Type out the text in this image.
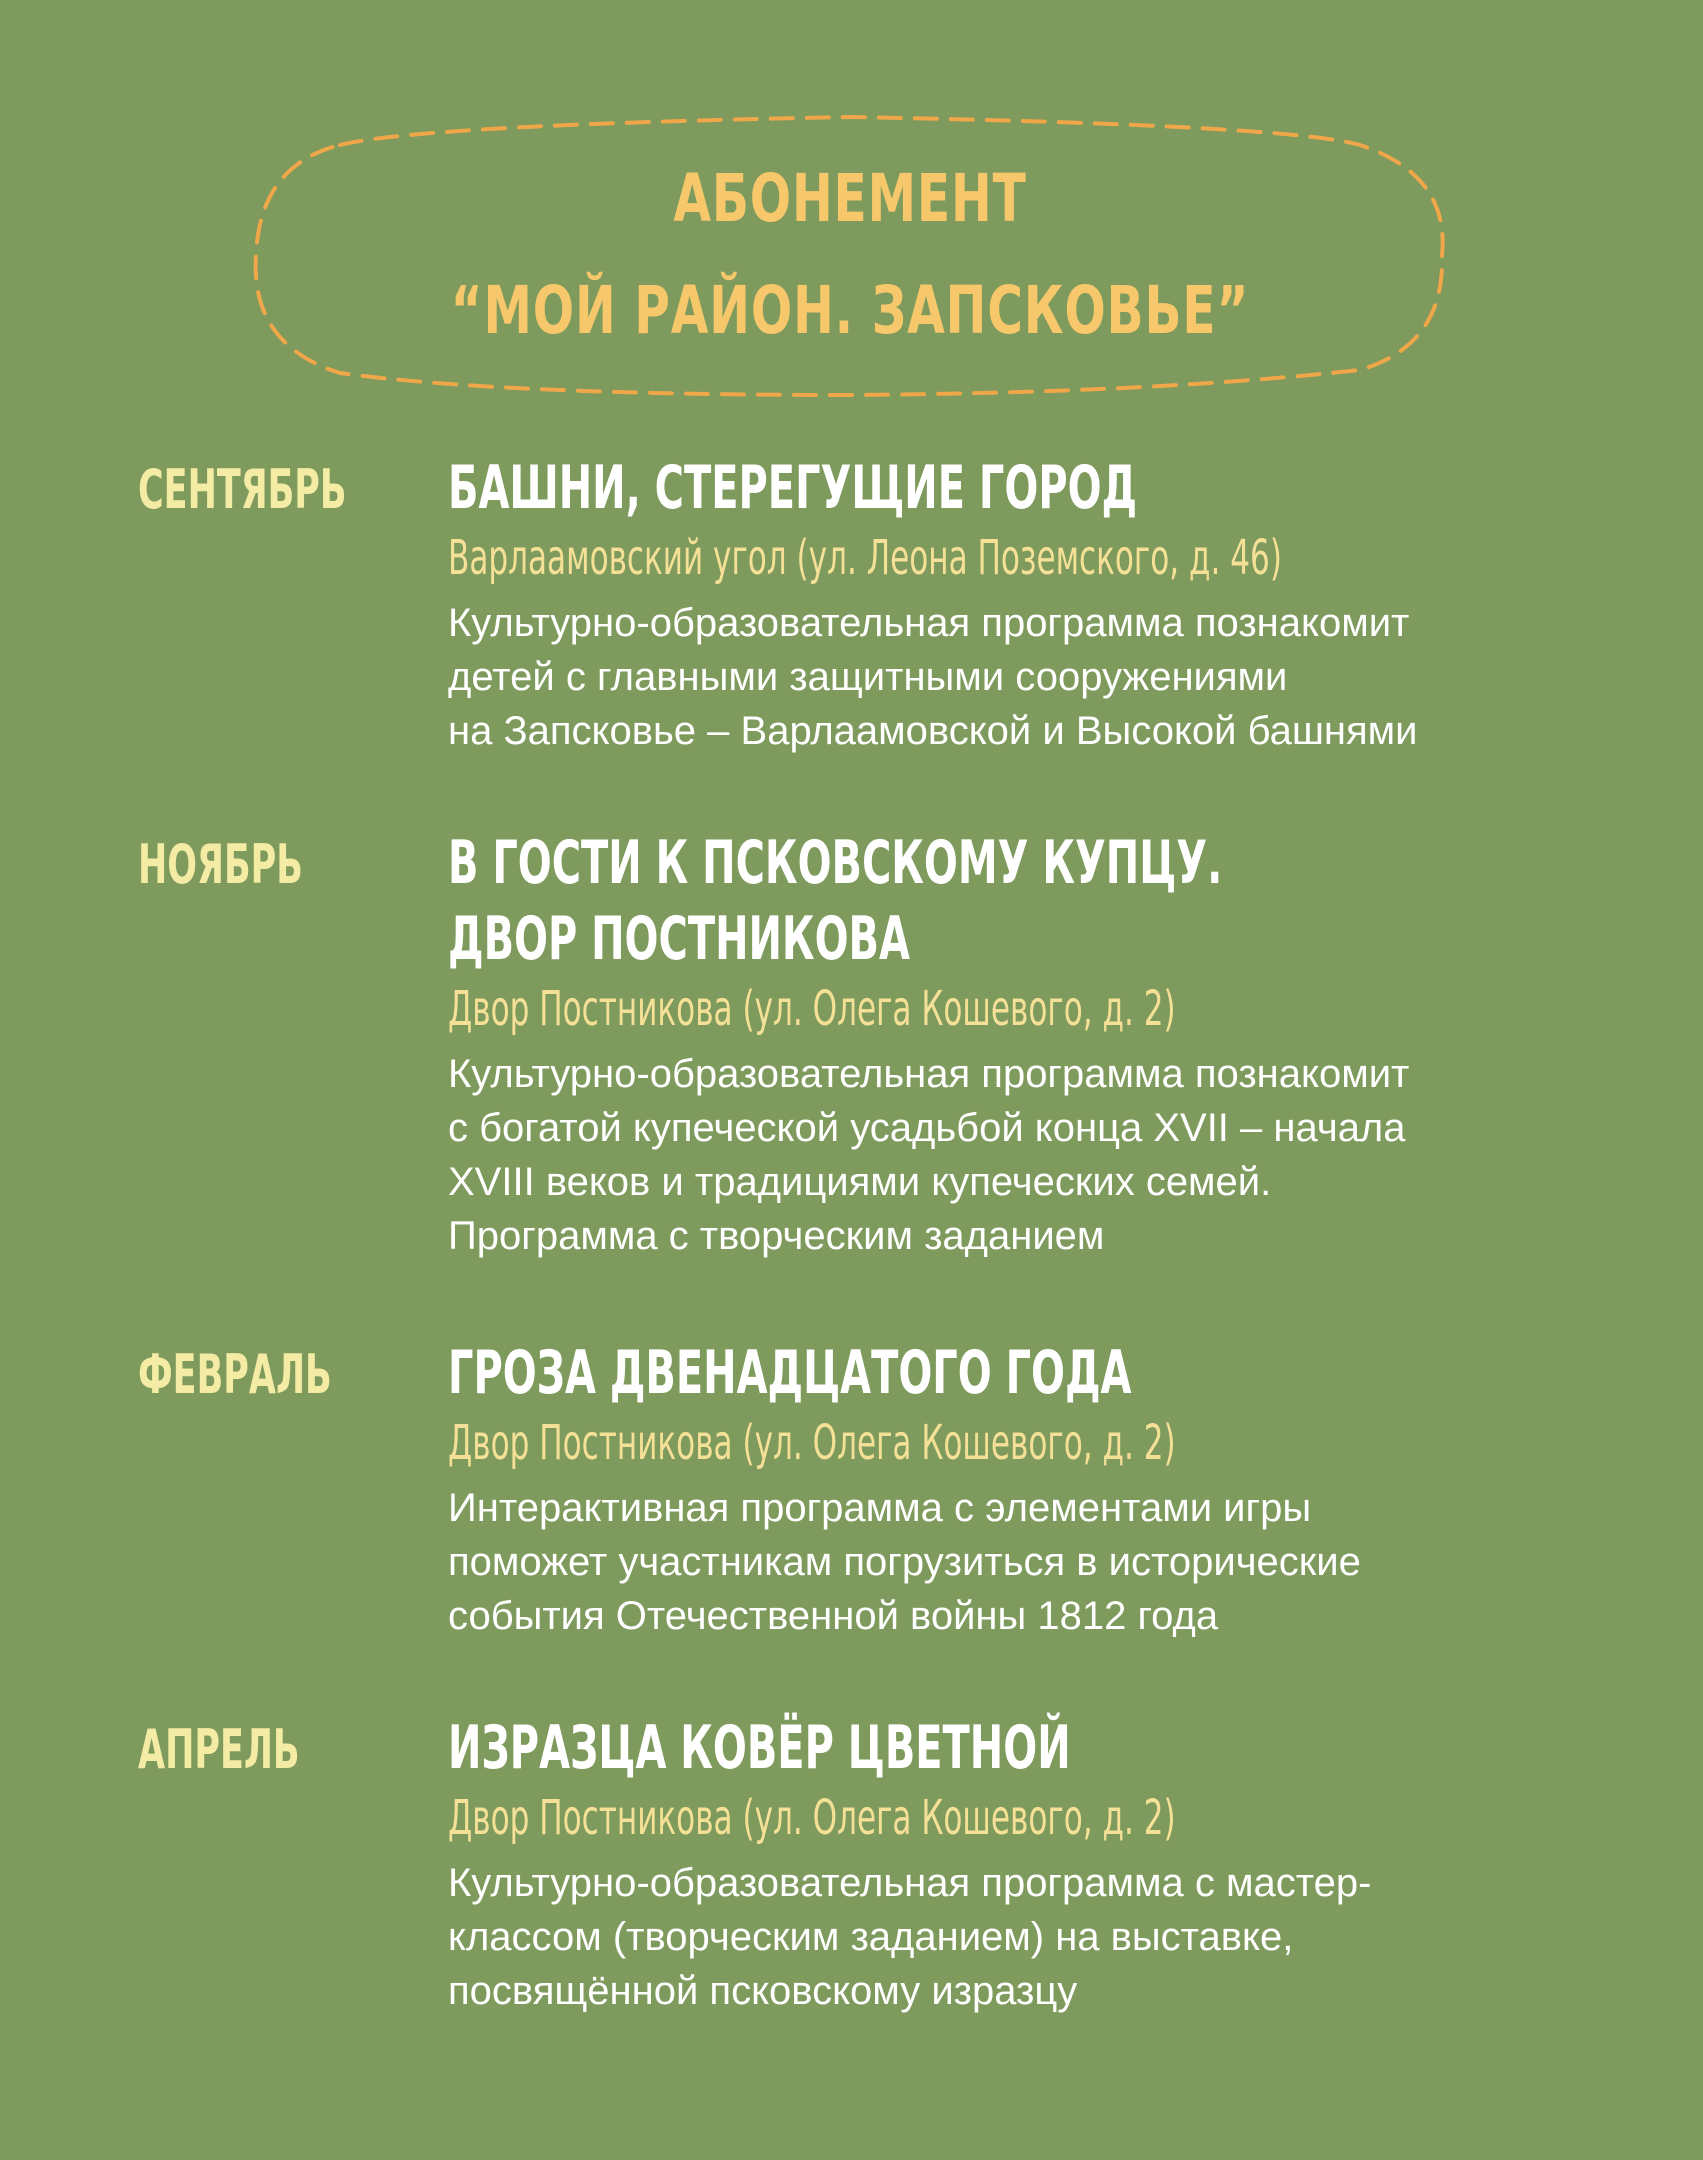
АБОНЕМЕНТ
“МОЙ РАЙОН. ЗАПСКОВЬЕ”
СЕНТЯБРЬ БАШНИ, СТЕРЕГУЩИЕ ГОРОД
Варлаамовский угол (ул. Леона Поземского, д. 46)
Культурно-образовательная программа познакомит
детей с главными защитными сооружениями
на Запсковье – Варлаамовской и Высокой башнями
НОЯБРЬ В ГОСТИ К ПСКОВСКОМУ КУПЦУ.
ДВОР ПОСТНИКОВА
Двор Постникова (ул. Олега Кошевого, д. 2)
Культурно-образовательная программа познакомит
с богатой купеческой усадьбой конца XVII – начала
XVIII веков и традициями купеческих семей.
Программа с творческим заданием
ФЕВРАЛЬ ГРОЗА ДВЕНАДЦАТОГО ГОДА
Двор Постникова (ул. Олега Кошевого, д. 2)
Интерактивная программа с элементами игры
поможет участникам погрузиться в исторические
события Отечественной войны 1812 года
АПРЕЛЬ ИЗРАЗЦА КОВЁР ЦВЕТНОЙ
Двор Постникова (ул. Олега Кошевого, д. 2)
Культурно-образовательная программа с мастер-
классом (творческим заданием) на выставке,
посвящённой псковскому изразцу
